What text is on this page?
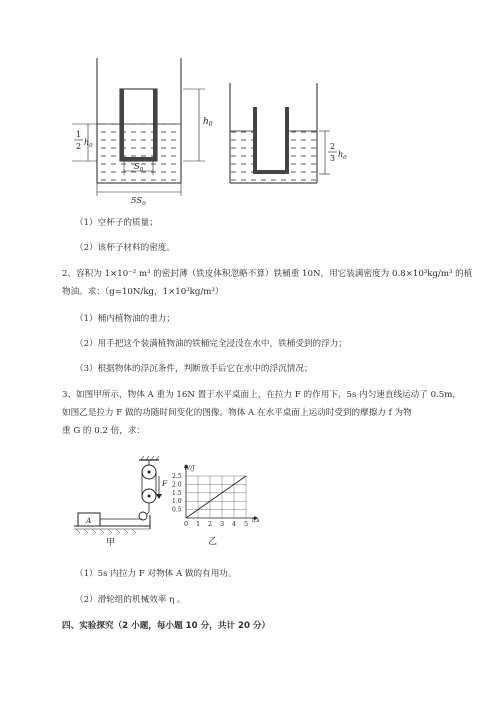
$h_0$
1
2 $h_0$
$S_0$
$5S_0$
2
3 $h_0$
（1）空杯子的质量；
（2）该杯子材料的密度。
2、容积为 1×10⁻² m³ 的密封薄（铁皮体积忽略不算）铁桶重 10N，用它装满密度为 0.8×10³kg/m³ 的植
物油。求：（g=10N/kg，1×10³kg/m³）
（1）桶内植物油的重力；
（2）用手把这个装满植物油的铁桶完全浸没在水中，铁桶受到的浮力；
（3）根据物体的浮沉条件，判断放手后它在水中的浮沉情况；
3、如图甲所示，物体 A 重为 16N 置于水平桌面上，在拉力 F 的作用下，5s 内匀速直线运动了 0.5m，
如图乙是拉力 F 做的功随时间变化的图像。物体 A 在水平桌面上运动时受到的摩擦力 f 为物
重 G 的 0.2 倍，求：
F
A
甲
0 1 2 3 4 5
0.5
1.0
1.5
2.0
2.5
W/J
t/s
乙
（1）5s 内拉力 F 对物体 A 做的有用功。
（2）滑轮组的机械效率 η 。
四、实验探究（2 小题，每小题 10 分，共计 20 分）
